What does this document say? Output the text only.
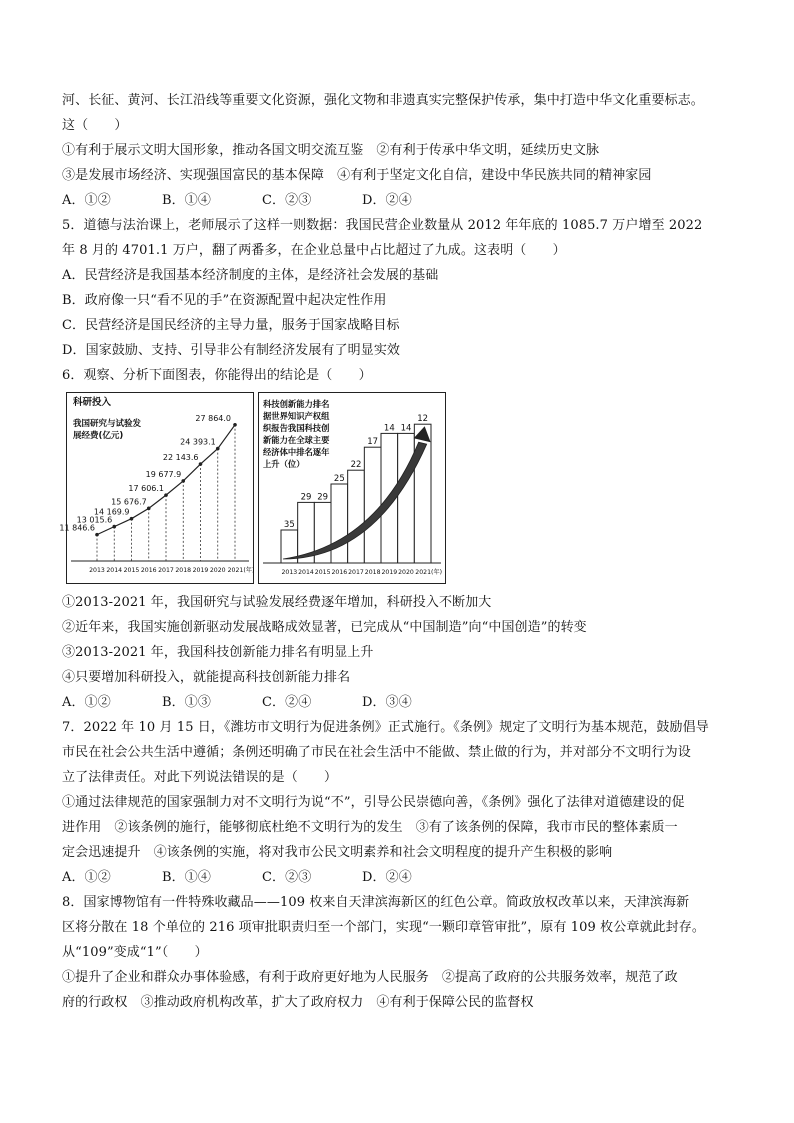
河、长征、黄河、长江沿线等重要文化资源，强化文物和非遗真实完整保护传承，集中打造中华文化重要标志。
这（　　）
①有利于展示文明大国形象，推动各国文明交流互鉴　②有利于传承中华文明，延续历史文脉
③是发展市场经济、实现强国富民的基本保障　④有利于坚定文化自信，建设中华民族共同的精神家园
A．①②	B．①④	C．②③	D．②④
5．道德与法治课上，老师展示了这样一则数据：我国民营企业数量从 2012 年年底的 1085.7 万户增至 2022
年 8 月的 4701.1 万户，翻了两番多，在企业总量中占比超过了九成。这表明（　　）
A．民营经济是我国基本经济制度的主体，是经济社会发展的基础
B．政府像一只“看不见的手”在资源配置中起决定性作用
C．民营经济是国民经济的主导力量，服务于国家战略目标
D．国家鼓励、支持、引导非公有制经济发展有了明显实效
6．观察、分析下面图表，你能得出的结论是（　　）
科研投入
我国研究与试验发
展经费(亿元)
11 846.6
13 015.6
14 169.9
15 676.7
17 606.1
19 677.9
22 143.6
24 393.1
27 864.0
2013 2014 2015 2016 2017 2018 2019 2020 2021(年)
科技创新能力排名
据世界知识产权组
织报告我国科技创
新能力在全球主要
经济体中排名逐年
上升（位）
35
29 29
25
22
17
14 14
12
2013 2014 2015 2016 2017 2018 2019 2020 2021(年)
①2013-2021 年，我国研究与试验发展经费逐年增加，科研投入不断加大
②近年来，我国实施创新驱动发展战略成效显著，已完成从“中国制造”向“中国创造”的转变
③2013-2021 年，我国科技创新能力排名有明显上升
④只要增加科研投入，就能提高科技创新能力排名
A．①②	B．①③	C．②④	D．③④
7．2022 年 10 月 15 日，《潍坊市文明行为促进条例》正式施行。《条例》规定了文明行为基本规范，鼓励倡导
市民在社会公共生活中遵循；条例还明确了市民在社会生活中不能做、禁止做的行为，并对部分不文明行为设
立了法律责任。对此下列说法错误的是（　　）
①通过法律规范的国家强制力对不文明行为说“不”，引导公民崇德向善，《条例》强化了法律对道德建设的促
进作用　②该条例的施行，能够彻底杜绝不文明行为的发生　③有了该条例的保障，我市市民的整体素质一
定会迅速提升　④该条例的实施，将对我市公民文明素养和社会文明程度的提升产生积极的影响
A．①②	B．①④	C．②③	D．②④
8．国家博物馆有一件特殊收藏品——109 枚来自天津滨海新区的红色公章。简政放权改革以来，天津滨海新
区将分散在 18 个单位的 216 项审批职责归至一个部门，实现“一颗印章管审批”，原有 109 枚公章就此封存。
从“109”变成“1”（　　）
①提升了企业和群众办事体验感，有利于政府更好地为人民服务　②提高了政府的公共服务效率，规范了政
府的行政权　③推动政府机构改革，扩大了政府权力　④有利于保障公民的监督权
